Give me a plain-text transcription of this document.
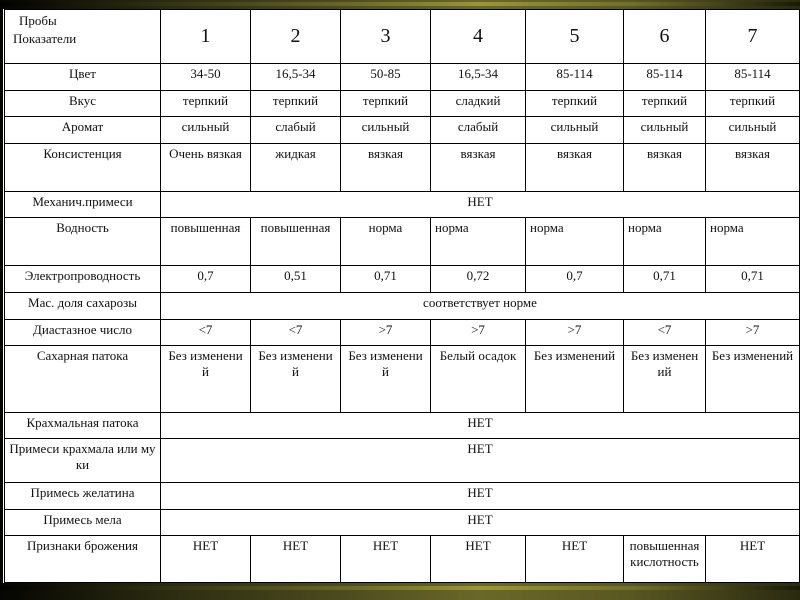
Пробы
Показатели	1	2	3	4	5	6	7
Цвет	34-50	16,5-34	50-85	16,5-34	85-114	85-114	85-114
Вкус	терпкий	терпкий	терпкий	сладкий	терпкий	терпкий	терпкий
Аромат	сильный	слабый	сильный	слабый	сильный	сильный	сильный
Консистенция	Очень вязкая	жидкая	вязкая	вязкая	вязкая	вязкая	вязкая
Механич.примеси	НЕТ						
Водность	повышенная	повышенная	норма	норма	норма	норма	норма
Электропроводность	0,7	0,51	0,71	0,72	0,7	0,71	0,71
Мас. доля сахарозы	соответствует норме						
Диастазное число	<7	<7	>7	>7	>7	<7	>7
Сахарная патока	Без изменений	Без изменений	Без изменений	Белый осадок	Без изменений	Без изменений	Без изменений
Крахмальная патока	НЕТ						
Примеси крахмала или муки	НЕТ						
Примесь желатина	НЕТ						
Примесь мела	НЕТ						
Признаки брожения	НЕТ	НЕТ	НЕТ	НЕТ	НЕТ	повышенная кислотность	НЕТ
